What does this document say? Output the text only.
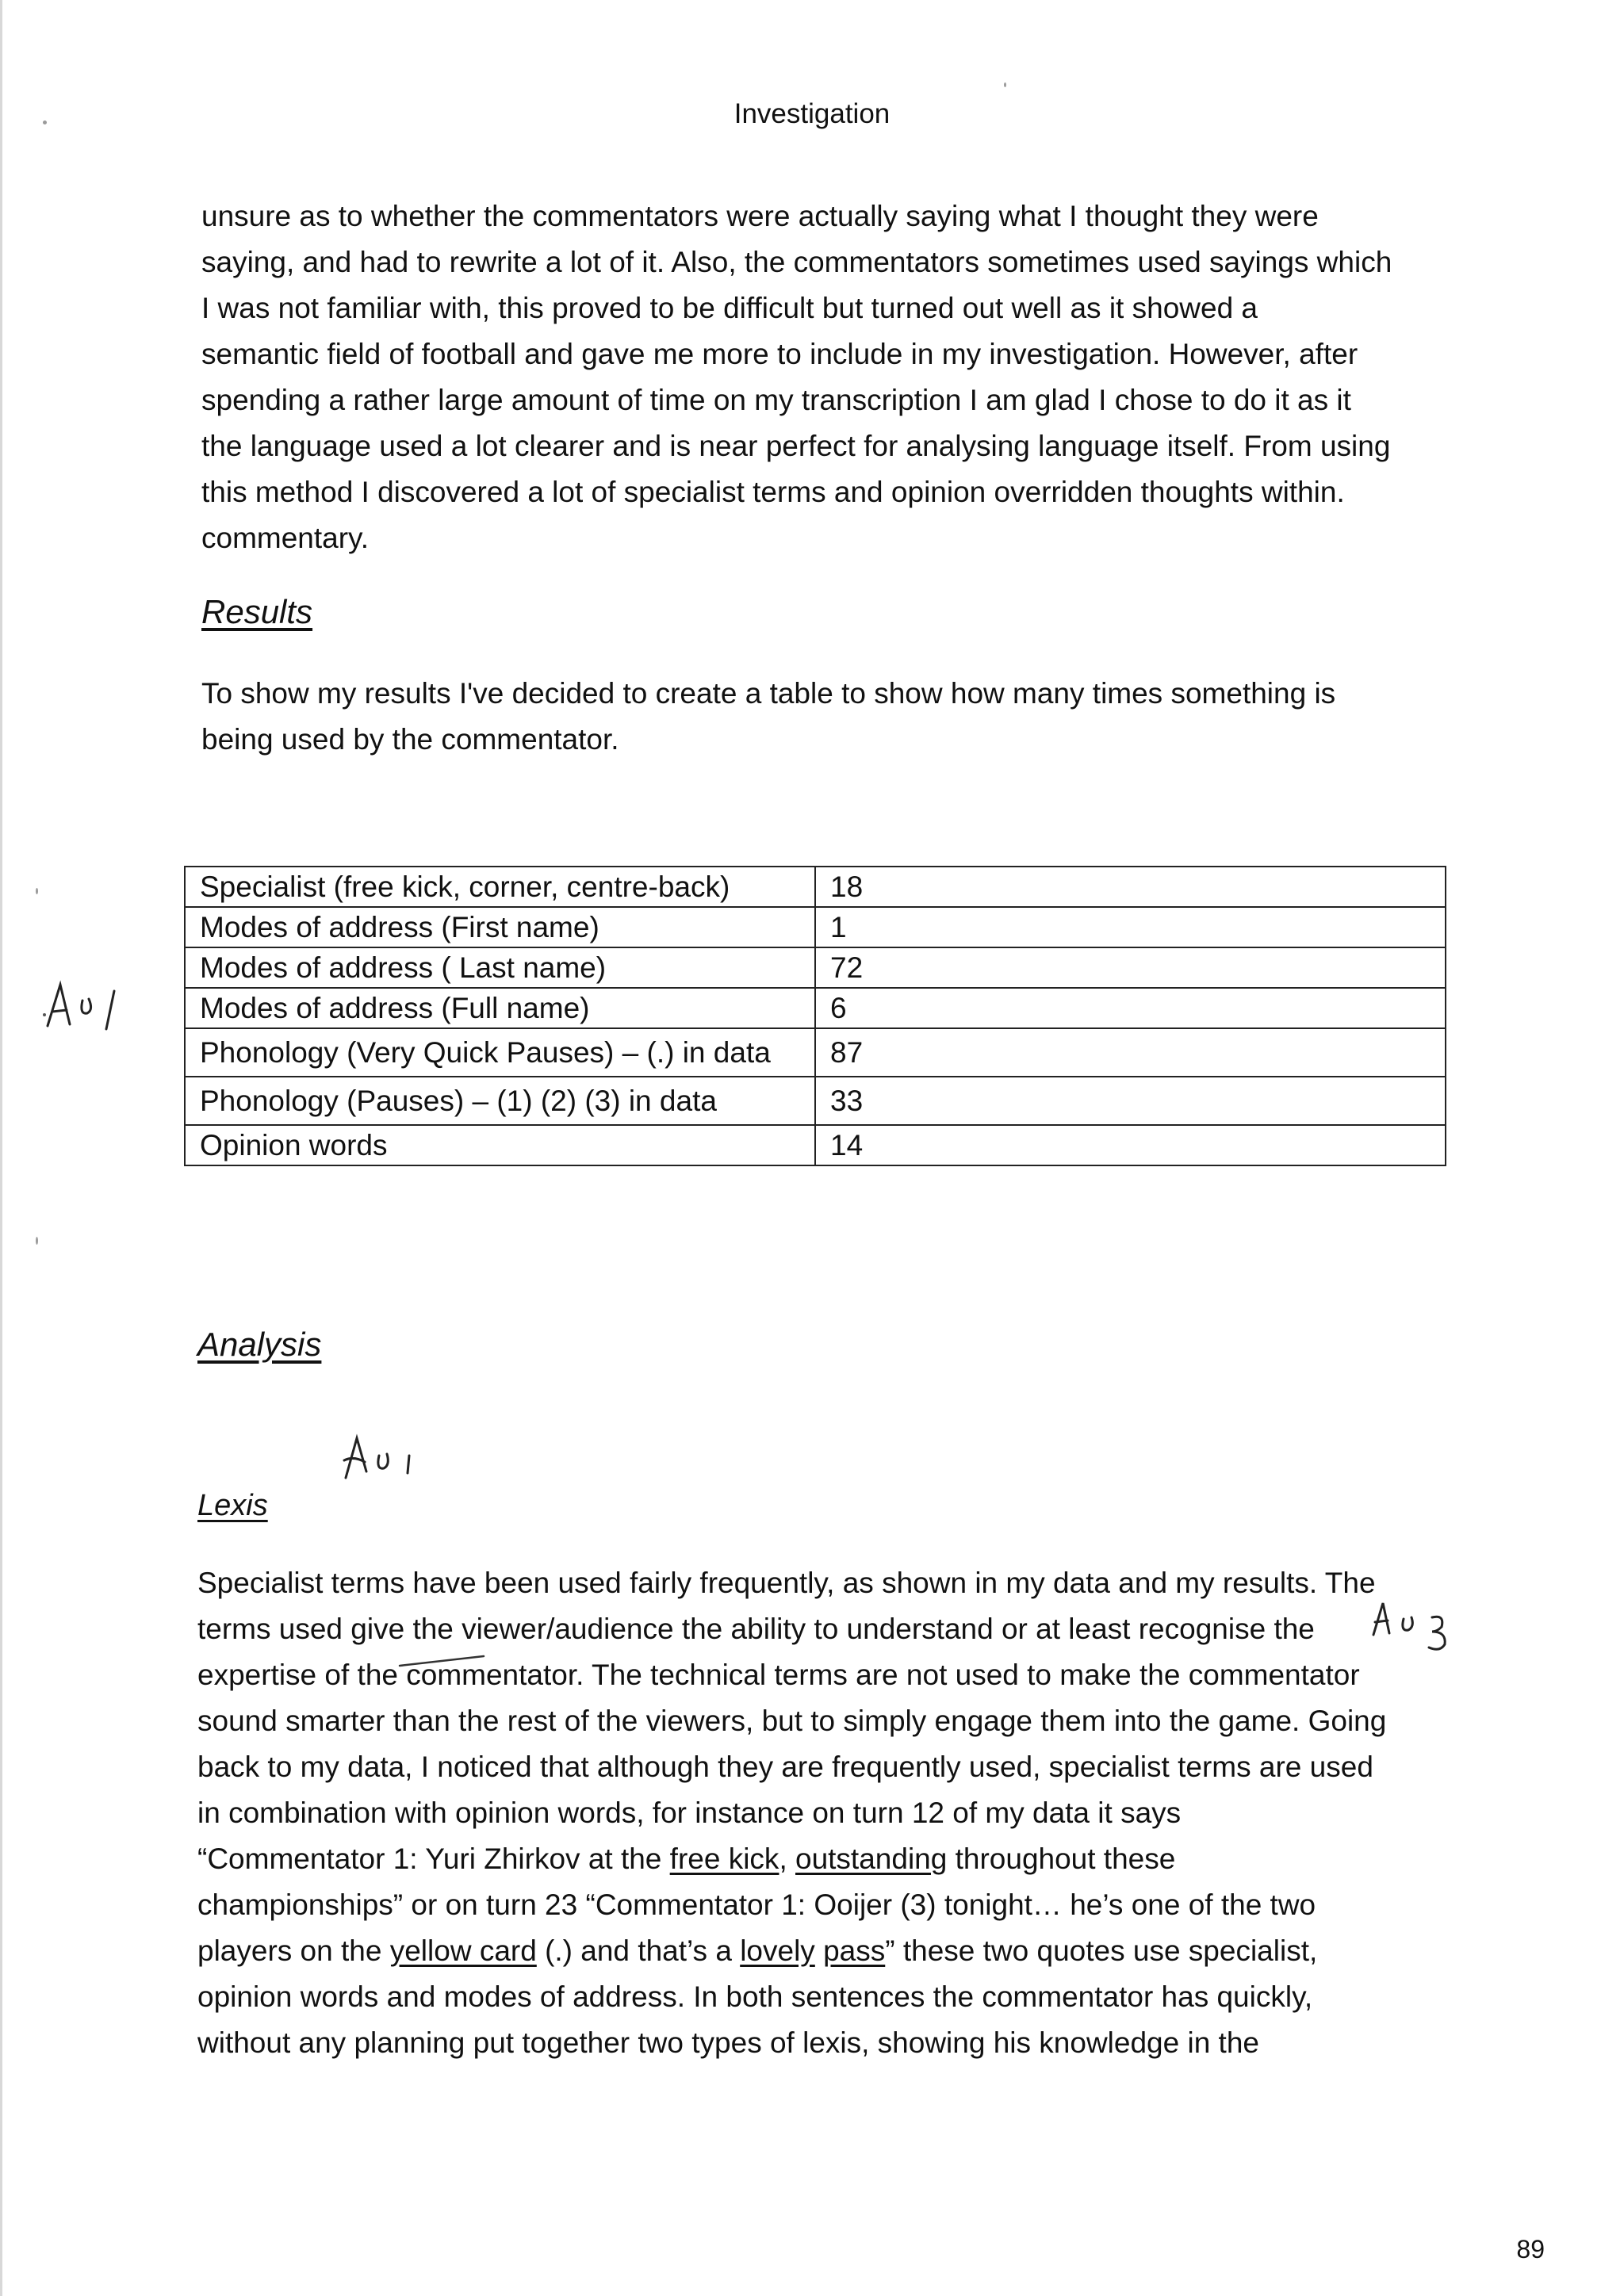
Investigation
unsure as to whether the commentators were actually saying what I thought they were
saying, and had to rewrite a lot of it. Also, the commentators sometimes used sayings which
I was not familiar with, this proved to be difficult but turned out well as it showed a
semantic field of football and gave me more to include in my investigation. However, after
spending a rather large amount of time on my transcription I am glad I chose to do it as it
the language used a lot clearer and is near perfect for analysing language itself. From using
this method I discovered a lot of specialist terms and opinion overridden thoughts within.
commentary.
Results
To show my results I've decided to create a table to show how many times something is
being used by the commentator.
Specialist (free kick, corner, centre-back)	18
Modes of address (First name)	1
Modes of address ( Last name)	72
Modes of address (Full name)	6
Phonology (Very Quick Pauses) – (.) in data	87
Phonology (Pauses) – (1) (2) (3) in data	33
Opinion words	14
Analysis
Lexis
Specialist terms have been used fairly frequently, as shown in my data and my results. The
terms used give the viewer/audience the ability to understand or at least recognise the
expertise of the commentator. The technical terms are not used to make the commentator
sound smarter than the rest of the viewers, but to simply engage them into the game. Going
back to my data, I noticed that although they are frequently used, specialist terms are used
in combination with opinion words, for instance on turn 12 of my data it says
“Commentator 1: Yuri Zhirkov at the free kick, outstanding throughout these
championships” or on turn 23 “Commentator 1: Ooijer (3) tonight… he’s one of the two
players on the yellow card (.) and that’s a lovely pass” these two quotes use specialist,
opinion words and modes of address. In both sentences the commentator has quickly,
without any planning put together two types of lexis, showing his knowledge in the
89
